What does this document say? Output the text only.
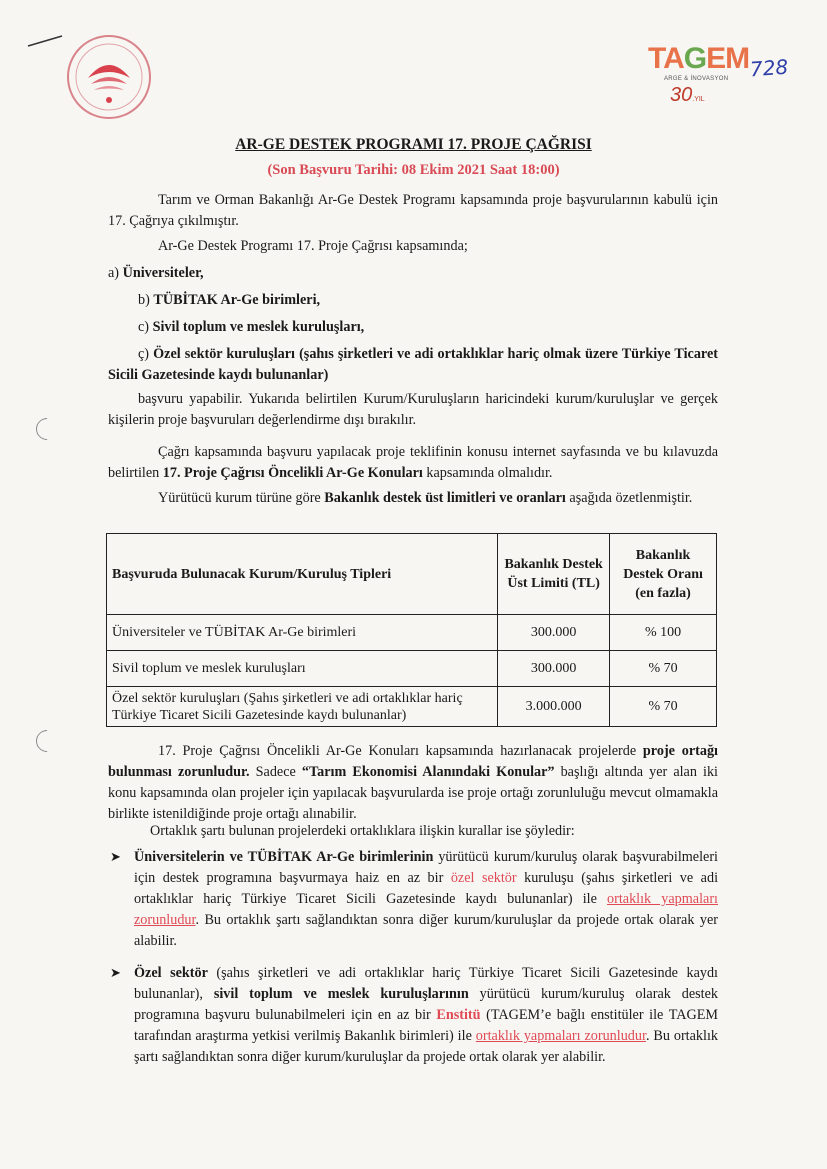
TAGEM
ARGE & İNOVASYON
30.YIL
728
AR-GE DESTEK PROGRAMI 17. PROJE ÇAĞRISI
(Son Başvuru Tarihi: 08 Ekim 2021 Saat 18:00)
Tarım ve Orman Bakanlığı Ar-Ge Destek Programı kapsamında proje başvurularının kabulü için 17. Çağrıya çıkılmıştır.
Ar-Ge Destek Programı 17. Proje Çağrısı kapsamında;
a) Üniversiteler,
b) TÜBİTAK Ar-Ge birimleri,
c) Sivil toplum ve meslek kuruluşları,
ç) Özel sektör kuruluşları (şahıs şirketleri ve adi ortaklıklar hariç olmak üzere Türkiye Ticaret Sicili Gazetesinde kaydı bulunanlar)
başvuru yapabilir. Yukarıda belirtilen Kurum/Kuruluşların haricindeki kurum/kuruluşlar ve gerçek kişilerin proje başvuruları değerlendirme dışı bırakılır.
Çağrı kapsamında başvuru yapılacak proje teklifinin konusu internet sayfasında ve bu kılavuzda belirtilen 17. Proje Çağrısı Öncelikli Ar-Ge Konuları kapsamında olmalıdır.
Yürütücü kurum türüne göre Bakanlık destek üst limitleri ve oranları aşağıda özetlenmiştir.
Başvuruda Bulunacak Kurum/Kuruluş Tipleri	Bakanlık Destek Üst Limiti (TL)	Bakanlık Destek Oranı (en fazla)
Üniversiteler ve TÜBİTAK Ar-Ge birimleri	300.000	% 100
Sivil toplum ve meslek kuruluşları	300.000	% 70
Özel sektör kuruluşları (Şahıs şirketleri ve adi ortaklıklar hariç Türkiye Ticaret Sicili Gazetesinde kaydı bulunanlar)	3.000.000	% 70
17. Proje Çağrısı Öncelikli Ar-Ge Konuları kapsamında hazırlanacak projelerde proje ortağı bulunması zorunludur. Sadece “Tarım Ekonomisi Alanındaki Konular” başlığı altında yer alan iki konu kapsamında olan projeler için yapılacak başvurularda ise proje ortağı zorunluluğu mevcut olmamakla birlikte istenildiğinde proje ortağı alınabilir.
Ortaklık şartı bulunan projelerdeki ortaklıklara ilişkin kurallar ise şöyledir:
➤ Üniversitelerin ve TÜBİTAK Ar-Ge birimlerinin yürütücü kurum/kuruluş olarak başvurabilmeleri için destek programına başvurmaya haiz en az bir özel sektör kuruluşu (şahıs şirketleri ve adi ortaklıklar hariç Türkiye Ticaret Sicili Gazetesinde kaydı bulunanlar) ile ortaklık yapmaları zorunludur. Bu ortaklık şartı sağlandıktan sonra diğer kurum/kuruluşlar da projede ortak olarak yer alabilir.
➤ Özel sektör (şahıs şirketleri ve adi ortaklıklar hariç Türkiye Ticaret Sicili Gazetesinde kaydı bulunanlar), sivil toplum ve meslek kuruluşlarının yürütücü kurum/kuruluş olarak destek programına başvuru bulunabilmeleri için en az bir Enstitü (TAGEM’e bağlı enstitüler ile TAGEM tarafından araştırma yetkisi verilmiş Bakanlık birimleri) ile ortaklık yapmaları zorunludur. Bu ortaklık şartı sağlandıktan sonra diğer kurum/kuruluşlar da projede ortak olarak yer alabilir.
